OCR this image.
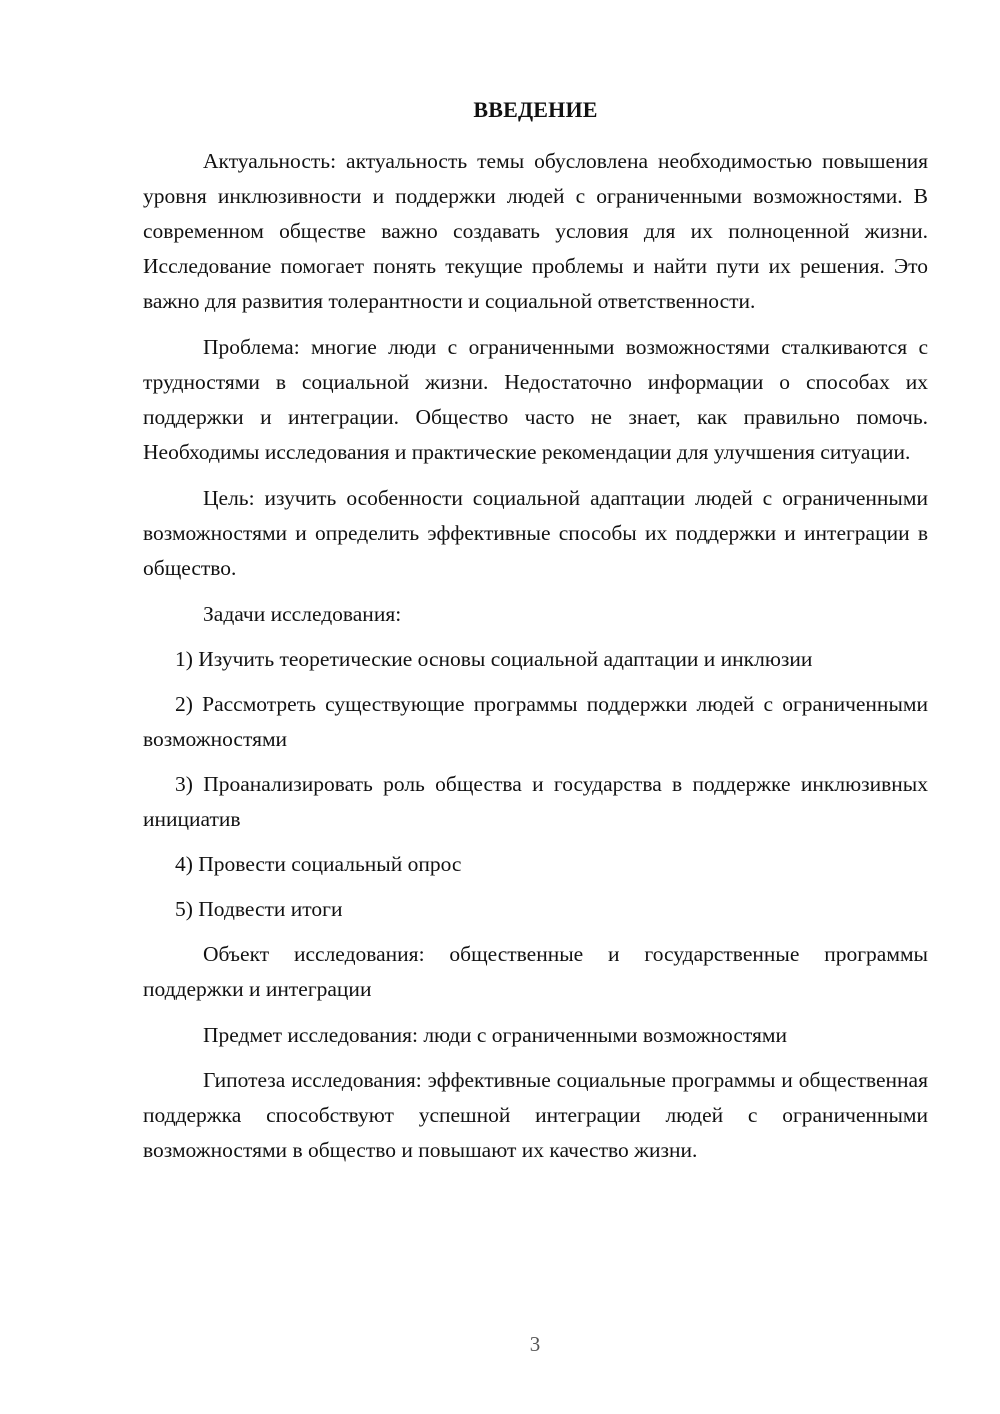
ВВЕДЕНИЕ

Актуальность: актуальность темы обусловлена необходимостью повышения уровня инклюзивности и поддержки людей с ограниченными возможностями. В современном обществе важно создавать условия для их полноценной жизни. Исследование помогает понять текущие проблемы и найти пути их решения. Это важно для развития толерантности и социальной ответственности.

Проблема: многие люди с ограниченными возможностями сталкиваются с трудностями в социальной жизни. Недостаточно информации о способах их поддержки и интеграции. Общество часто не знает, как правильно помочь. Необходимы исследования и практические рекомендации для улучшения ситуации.

Цель: изучить особенности социальной адаптации людей с ограниченными возможностями и определить эффективные способы их поддержки и интеграции в общество.

Задачи исследования:

1) Изучить теоретические основы социальной адаптации и инклюзии

2) Рассмотреть существующие программы поддержки людей с ограниченными возможностями

3) Проанализировать роль общества и государства в поддержке инклюзивных инициатив

4) Провести социальный опрос

5) Подвести итоги

Объект исследования: общественные и государственные программы поддержки и интеграции

Предмет исследования: люди с ограниченными возможностями

Гипотеза исследования: эффективные социальные программы и общественная поддержка способствуют успешной интеграции людей с ограниченными возможностями в общество и повышают их качество жизни.

3
